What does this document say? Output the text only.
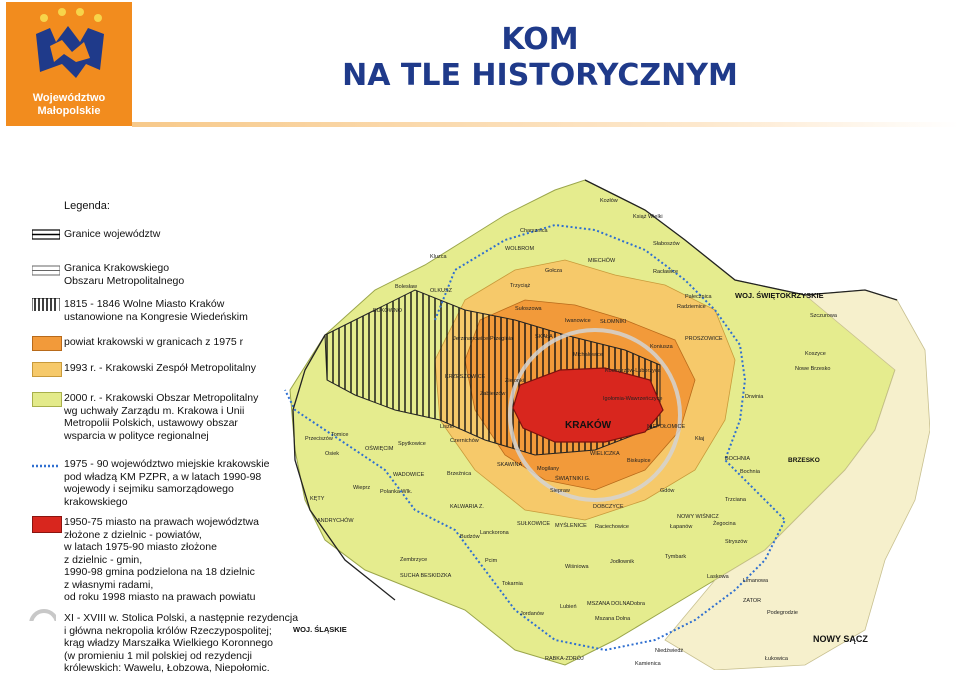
Województwo
Małopolskie
KOM
NA TLE HISTORYCZNYM
Legenda:
Granice województw
Granica Krakowskiego
Obszaru Metropolitalnego
1815 - 1846 Wolne Miasto Kraków
ustanowione na Kongresie Wiedeńskim
powiat krakowski w granicach z 1975 r
1993 r. - Krakowski Zespół Metropolitalny
2000 r. - Krakowski Obszar Metropolitalny
wg uchwały Zarządu m. Krakowa i Unii
Metropolii Polskich, ustawowy obszar
wsparcia w polityce regionalnej
1975 - 90 województwo miejskie krakowskie
pod władzą KM PZPR, a w latach 1990-98
wojewody i sejmiku samorządowego
krakowskiego
1950-75 miasto na prawach województwa
złożone z dzielnic - powiatów,
w latach 1975-90 miasto złożone
z dzielnic - gmin,
1990-98 gmina podzielona na 18 dzielnic
z własnymi radami,
od roku 1998 miasto na prawach powiatu
XI - XVIII w. Stolica Polski, a następnie rezydencja
i główna nekropolia królów Rzeczypospolitej;
krąg władzy Marszałka Wielkiego Koronnego
(w promieniu 1 mil polskiej od rezydencji
królewskich: Wawelu, Łobzowa, Niepołomic.
WOJ. ŚWIĘTOKRZYSKIE
WOJ. ŚLĄSKIE
KRAKÓW
NOWY SĄCZ
BRZESKO
Kozłów
Książ Wielki
Charsznica
Słaboszów
WOLBROM
MIECHÓW
Kluzca
Gołcza	Racławice
Bolesław
OLKUSZ
Trzyciąż
Pałecznica
Radziemice
Sułoszowa
Iwanowice SŁOMNIKI
Szczurowa
BUKOWNO
Jerzmanowice-Przeginia	SKAŁA
Koniusza
PROSZOWICE
Koszyce
Michałowice
Kocmyrzów-Luborzyca	Nowe Brzesko
KRZESZOWICE
Zielonki
Igołomia-Wawrzeńczyce	Drwinia
Zabierzów
NIEPOŁOMICE
Liszki
Czernichów
SKAWINA
WIELICZKA
Biskupice
Kłaj
Mogilany
ŚWIĄTNIKI G.
Siepraw
BOCHNIA
Bochnia
Gdów
Brzeźnica
KALWARIA Z.	DOBCZYCE
Lanckorona
SUŁKOWICE MYŚLENICE Raciechowice	Łapanów
NOWY WIŚNICZ
Trzciana
Żegocina
Stryszów
Budzów
Pcim
Wiśniowa
Jodłownik
Tymbark
Laskowa
Limanowa
ZATOR
Spytkowice
OŚWIĘCIM
Przeciszów
Tomice
WADOWICE
Polanka Wlk.
Osiek
Wieprz
KĘTY
ANDRYCHÓW
Zembrzyce
SUCHA BESKIDZKA
Tokarnia
Lubień MSZANA DOLNA Dobra
Jordanów
Mszana Dolna
Niedźwiedź
RABKA-ZDRÓJ
Kamienica
Łukowica
Podegrodzie
